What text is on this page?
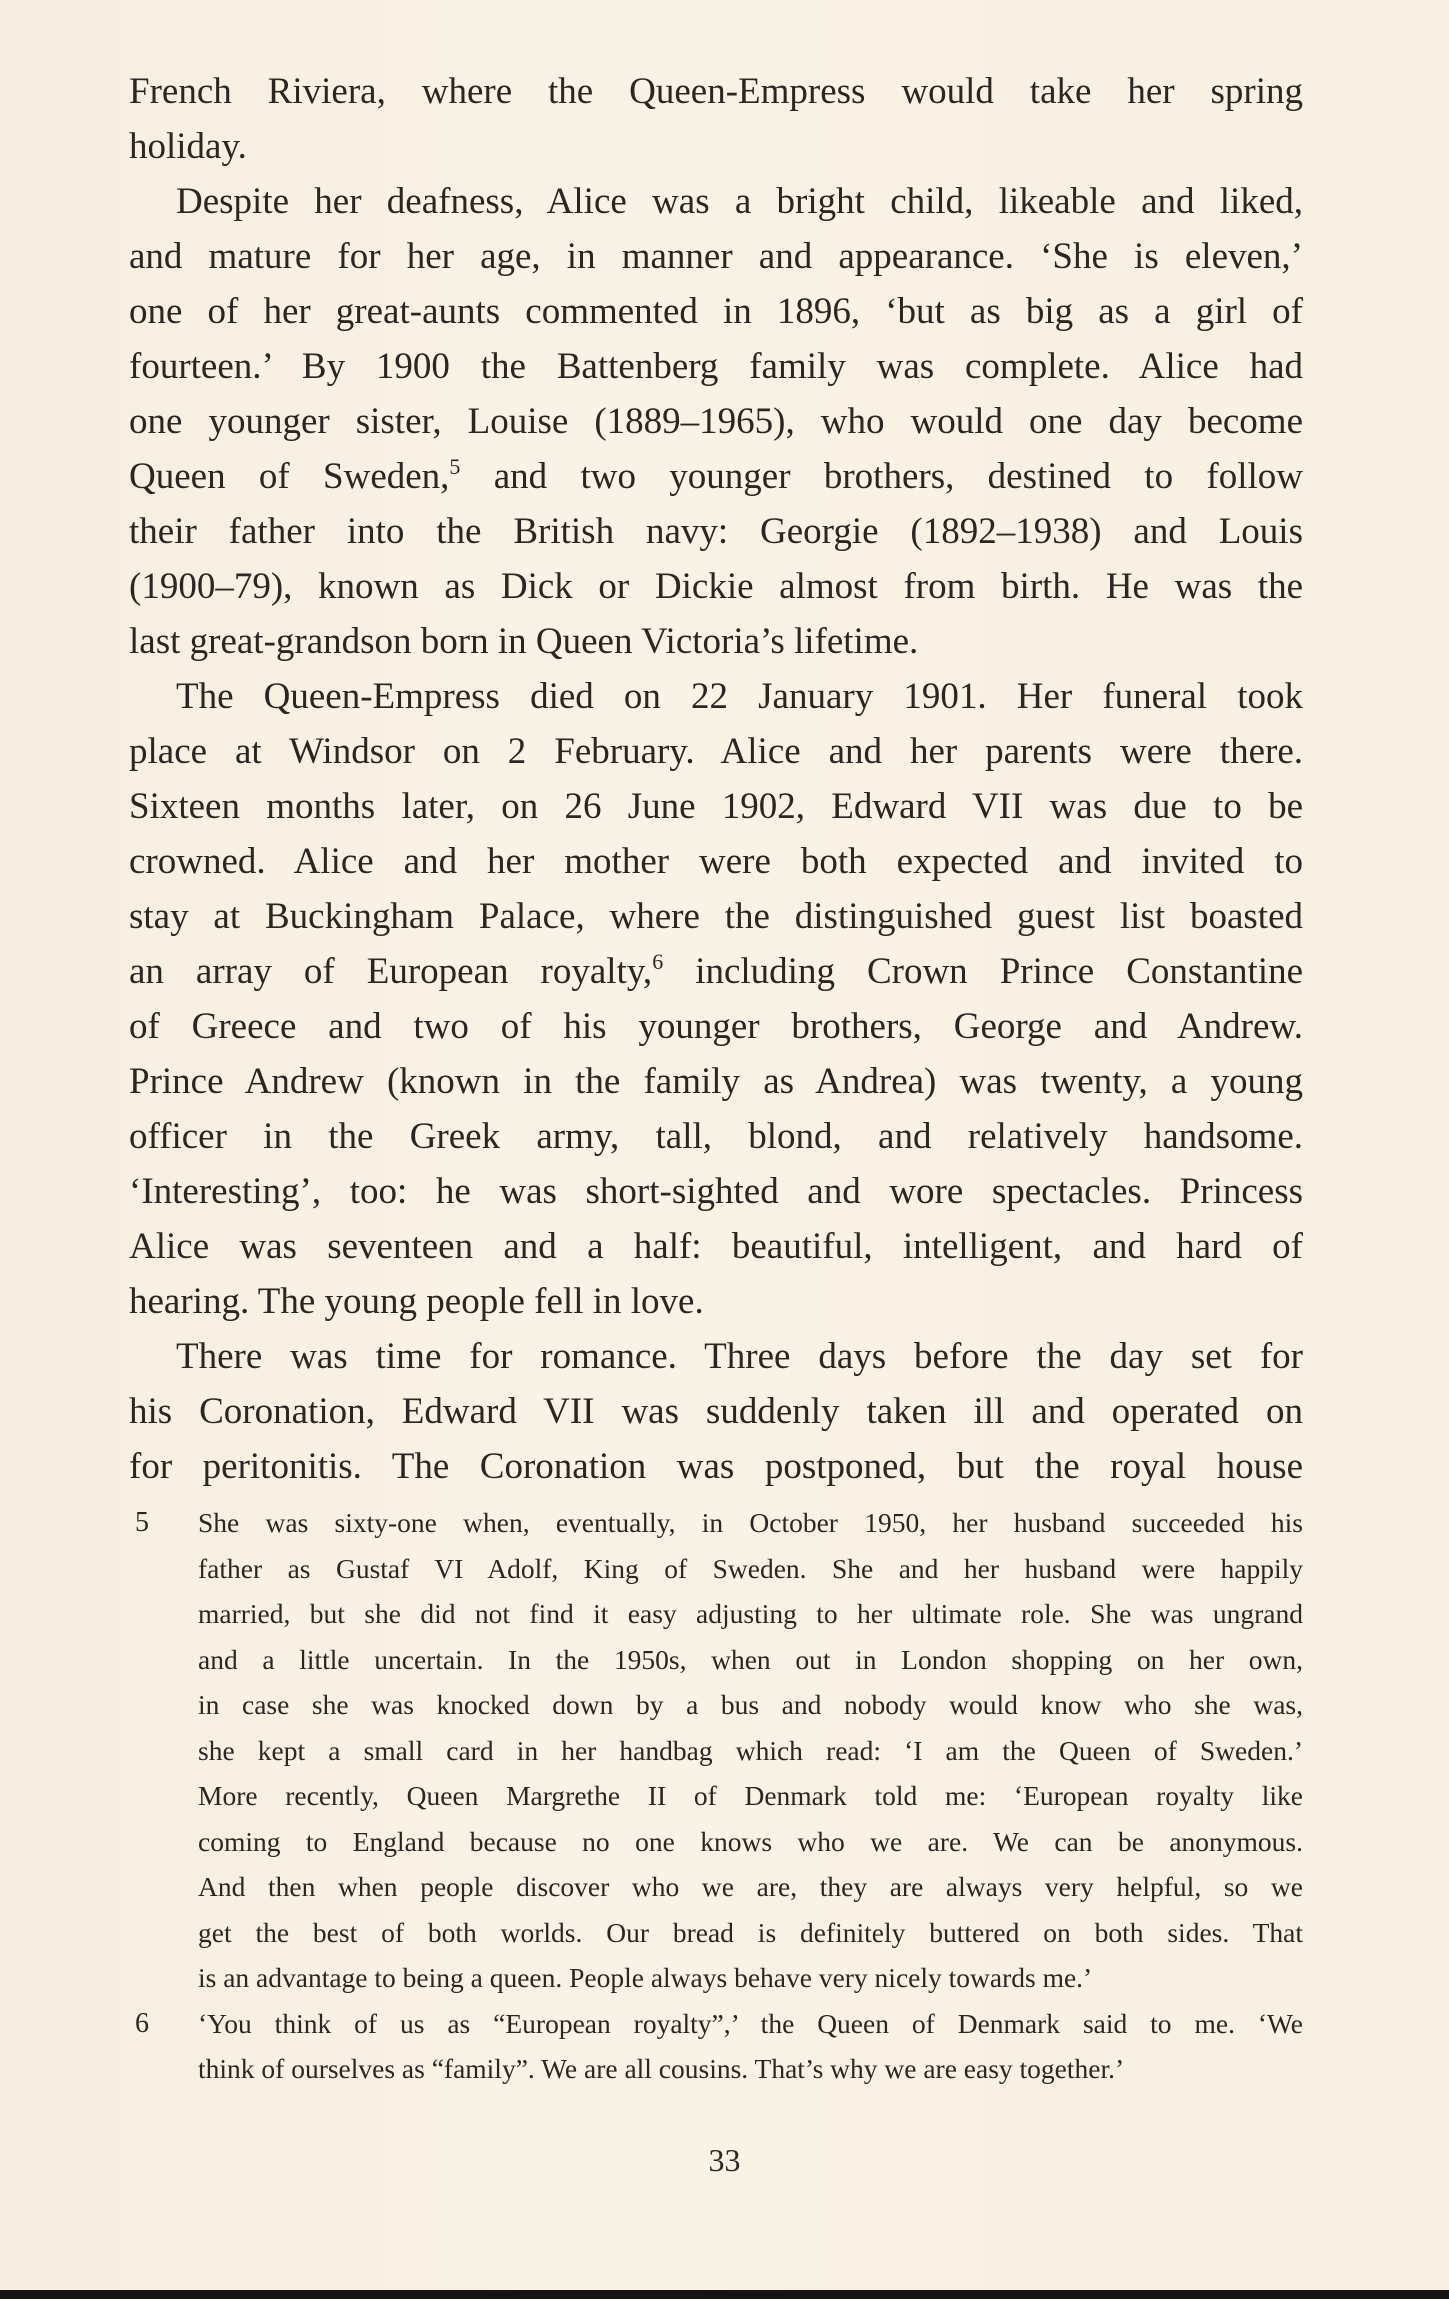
French Riviera, where the Queen-Empress would take her spring
holiday.
Despite her deafness, Alice was a bright child, likeable and liked,
and mature for her age, in manner and appearance. ‘She is eleven,’
one of her great-aunts commented in 1896, ‘but as big as a girl of
fourteen.’ By 1900 the Battenberg family was complete. Alice had
one younger sister, Louise (1889–1965), who would one day become
Queen of Sweden,$^5$ and two younger brothers, destined to follow
their father into the British navy: Georgie (1892–1938) and Louis
(1900–79), known as Dick or Dickie almost from birth. He was the
last great-grandson born in Queen Victoria’s lifetime.
The Queen-Empress died on 22 January 1901. Her funeral took
place at Windsor on 2 February. Alice and her parents were there.
Sixteen months later, on 26 June 1902, Edward VII was due to be
crowned. Alice and her mother were both expected and invited to
stay at Buckingham Palace, where the distinguished guest list boasted
an array of European royalty,$^6$ including Crown Prince Constantine
of Greece and two of his younger brothers, George and Andrew.
Prince Andrew (known in the family as Andrea) was twenty, a young
officer in the Greek army, tall, blond, and relatively handsome.
‘Interesting’, too: he was short-sighted and wore spectacles. Princess
Alice was seventeen and a half: beautiful, intelligent, and hard of
hearing. The young people fell in love.
There was time for romance. Three days before the day set for
his Coronation, Edward VII was suddenly taken ill and operated on
for peritonitis. The Coronation was postponed, but the royal house
5 She was sixty-one when, eventually, in October 1950, her husband succeeded his
father as Gustaf VI Adolf, King of Sweden. She and her husband were happily
married, but she did not find it easy adjusting to her ultimate role. She was ungrand
and a little uncertain. In the 1950s, when out in London shopping on her own,
in case she was knocked down by a bus and nobody would know who she was,
she kept a small card in her handbag which read: ‘I am the Queen of Sweden.’
More recently, Queen Margrethe II of Denmark told me: ‘European royalty like
coming to England because no one knows who we are. We can be anonymous.
And then when people discover who we are, they are always very helpful, so we
get the best of both worlds. Our bread is definitely buttered on both sides. That
is an advantage to being a queen. People always behave very nicely towards me.’
6 ‘You think of us as “European royalty”,’ the Queen of Denmark said to me. ‘We
think of ourselves as “family”. We are all cousins. That’s why we are easy together.’
33
